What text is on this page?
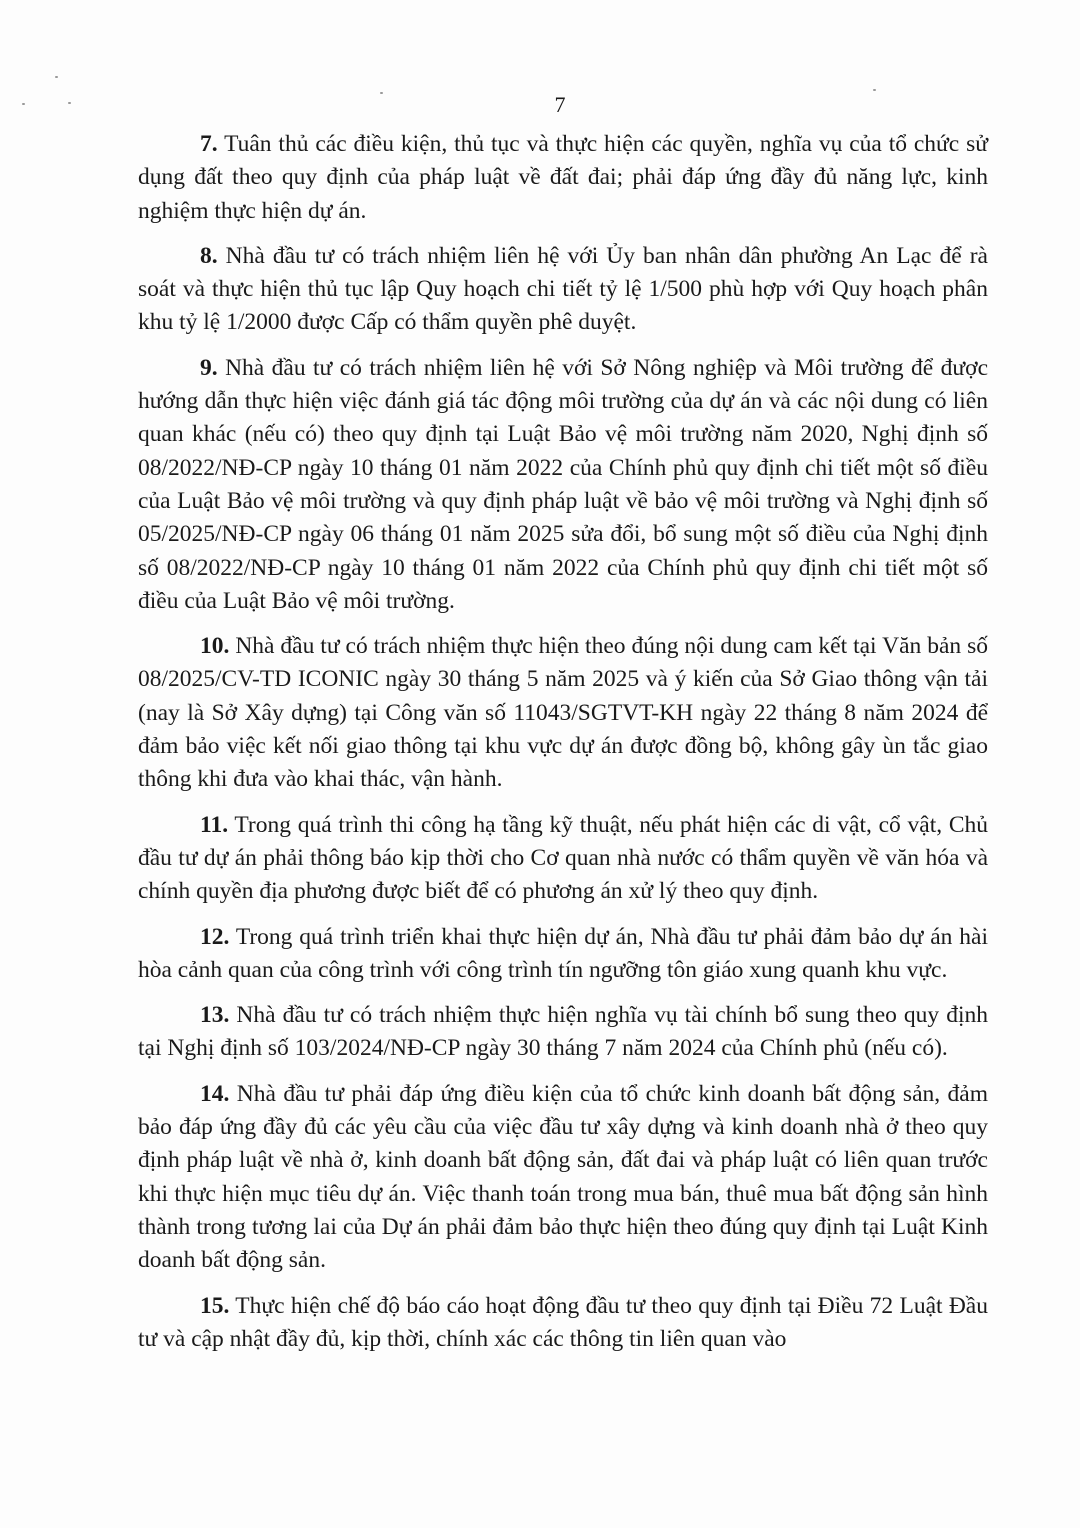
7

7. Tuân thủ các điều kiện, thủ tục và thực hiện các quyền, nghĩa vụ của tổ chức sử dụng đất theo quy định của pháp luật về đất đai; phải đáp ứng đầy đủ năng lực, kinh nghiệm thực hiện dự án.

8. Nhà đầu tư có trách nhiệm liên hệ với Ủy ban nhân dân phường An Lạc để rà soát và thực hiện thủ tục lập Quy hoạch chi tiết tỷ lệ 1/500 phù hợp với Quy hoạch phân khu tỷ lệ 1/2000 được Cấp có thẩm quyền phê duyệt.

9. Nhà đầu tư có trách nhiệm liên hệ với Sở Nông nghiệp và Môi trường để được hướng dẫn thực hiện việc đánh giá tác động môi trường của dự án và các nội dung có liên quan khác (nếu có) theo quy định tại Luật Bảo vệ môi trường năm 2020, Nghị định số 08/2022/NĐ-CP ngày 10 tháng 01 năm 2022 của Chính phủ quy định chi tiết một số điều của Luật Bảo vệ môi trường và quy định pháp luật về bảo vệ môi trường và Nghị định số 05/2025/NĐ-CP ngày 06 tháng 01 năm 2025 sửa đổi, bổ sung một số điều của Nghị định số 08/2022/NĐ-CP ngày 10 tháng 01 năm 2022 của Chính phủ quy định chi tiết một số điều của Luật Bảo vệ môi trường.

10. Nhà đầu tư có trách nhiệm thực hiện theo đúng nội dung cam kết tại Văn bản số 08/2025/CV-TD ICONIC ngày 30 tháng 5 năm 2025 và ý kiến của Sở Giao thông vận tải (nay là Sở Xây dựng) tại Công văn số 11043/SGTVT-KH ngày 22 tháng 8 năm 2024 để đảm bảo việc kết nối giao thông tại khu vực dự án được đồng bộ, không gây ùn tắc giao thông khi đưa vào khai thác, vận hành.

11. Trong quá trình thi công hạ tầng kỹ thuật, nếu phát hiện các di vật, cổ vật, Chủ đầu tư dự án phải thông báo kịp thời cho Cơ quan nhà nước có thẩm quyền về văn hóa và chính quyền địa phương được biết để có phương án xử lý theo quy định.

12. Trong quá trình triển khai thực hiện dự án, Nhà đầu tư phải đảm bảo dự án hài hòa cảnh quan của công trình với công trình tín ngưỡng tôn giáo xung quanh khu vực.

13. Nhà đầu tư có trách nhiệm thực hiện nghĩa vụ tài chính bổ sung theo quy định tại Nghị định số 103/2024/NĐ-CP ngày 30 tháng 7 năm 2024 của Chính phủ (nếu có).

14. Nhà đầu tư phải đáp ứng điều kiện của tổ chức kinh doanh bất động sản, đảm bảo đáp ứng đầy đủ các yêu cầu của việc đầu tư xây dựng và kinh doanh nhà ở theo quy định pháp luật về nhà ở, kinh doanh bất động sản, đất đai và pháp luật có liên quan trước khi thực hiện mục tiêu dự án. Việc thanh toán trong mua bán, thuê mua bất động sản hình thành trong tương lai của Dự án phải đảm bảo thực hiện theo đúng quy định tại Luật Kinh doanh bất động sản.

15. Thực hiện chế độ báo cáo hoạt động đầu tư theo quy định tại Điều 72 Luật Đầu tư và cập nhật đầy đủ, kịp thời, chính xác các thông tin liên quan vào
